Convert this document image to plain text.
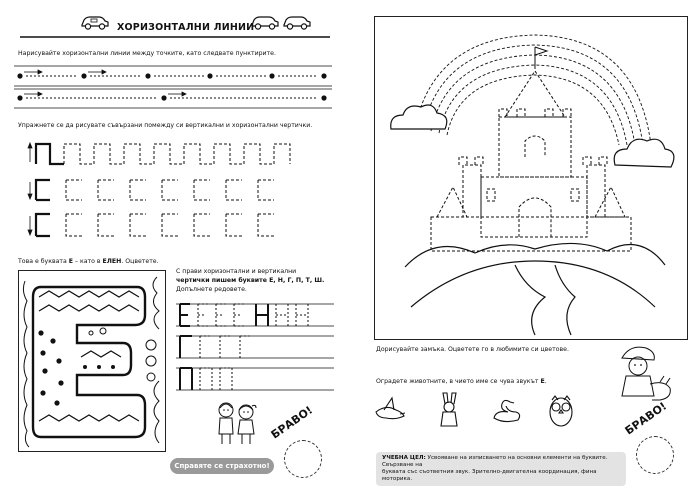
ХОРИЗОНТАЛНИ ЛИНИИ
Нарисувайте хоризонтални линии между точките, като следвате пунктирите.
Упражнете се да рисувате съвързани помежду си вертикални и хоризонтални чертички.
Това е буквата Е – като в ЕЛЕН. Оцветете.
С прави хоризонтални и вертикални
чертички пишем буквите Е, Н, Г, П, Т, Ш.
Допълнете редовете.
БРАВО!
Справяте се страхотно!
Дорисувайте замъка. Оцветете го в любимите си цветове.
Оградете животните, в чието име се чува звукът Е.
БРАВО!
УЧЕБНА ЦЕЛ: Усвояване на изписването на основни елементи на буквите. Свързване на
буквата със съответния звук. Зрително-двигателна координация, фина моторика.
